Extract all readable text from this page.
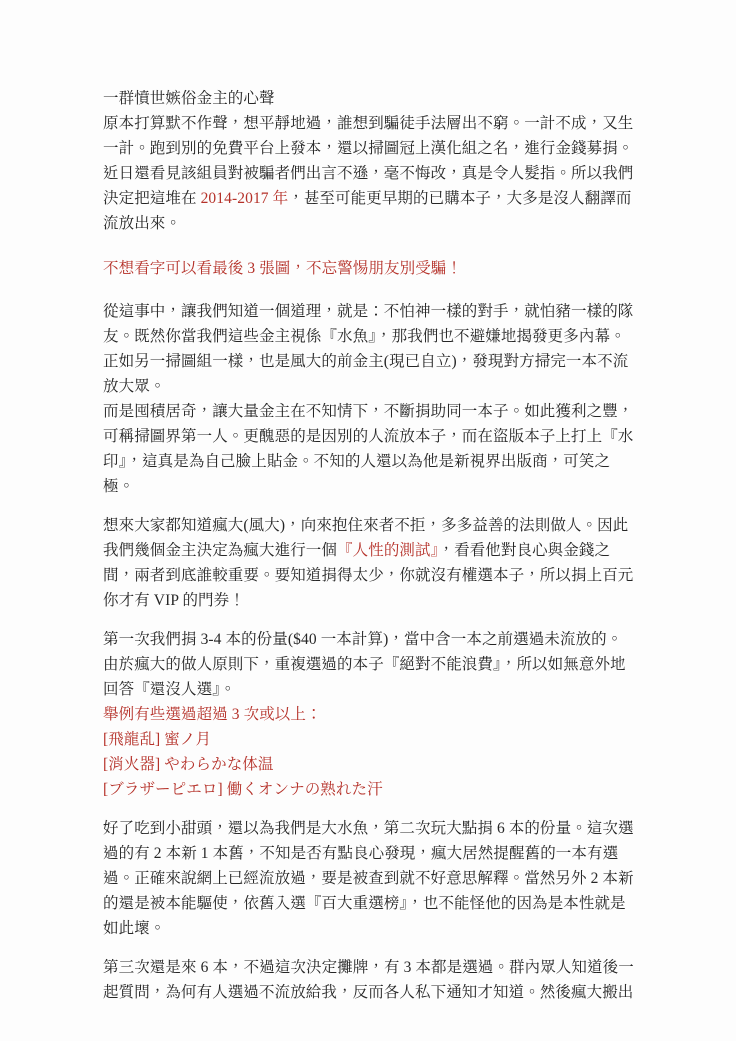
一群憤世嫉俗金主的心聲

原本打算默不作聲，想平靜地過，誰想到騙徒手法層出不窮。一計不成，又生一計。跑到別的免費平台上發本，還以掃圖冠上漢化組之名，進行金錢募捐。近日還看見該組員對被騙者們出言不遜，毫不悔改，真是令人髮指。所以我們決定把這堆在 2014-2017 年，甚至可能更早期的已購本子，大多是沒人翻譯而流放出來。

不想看字可以看最後 3 張圖，不忘警惕朋友別受騙！

從這事中，讓我們知道一個道理，就是：不怕神一樣的對手，就怕豬一樣的隊友。既然你當我們這些金主視係『水魚』，那我們也不避嫌地揭發更多內幕。正如另一掃圖組一樣，也是風大的前金主(現已自立)，發現對方掃完一本不流放大眾。

而是囤積居奇，讓大量金主在不知情下，不斷捐助同一本子。如此獲利之豐，可稱掃圖界第一人。更醜惡的是因別的人流放本子，而在盜版本子上打上『水印』，這真是為自己臉上貼金。不知的人還以為他是新視界出版商，可笑之極。

想來大家都知道瘋大(風大)，向來抱住來者不拒，多多益善的法則做人。因此我們幾個金主決定為瘋大進行一個『人性的測試』，看看他對良心與金錢之間，兩者到底誰較重要。要知道捐得太少，你就沒有權選本子，所以捐上百元你才有 VIP 的門券！

第一次我們捐 3-4 本的份量($40 一本計算)，當中含一本之前選過未流放的。由於瘋大的做人原則下，重複選過的本子『絕對不能浪費』，所以如無意外地回答『還沒人選』。

舉例有些選過超過 3 次或以上：

[飛龍乱] 蜜ノ月

[消火器] やわらかな体温

[ブラザーピエロ] 働くオンナの熟れた汗

好了吃到小甜頭，還以為我們是大水魚，第二次玩大點捐 6 本的份量。這次選過的有 2 本新 1 本舊，不知是否有點良心發現，瘋大居然提醒舊的一本有選過。正確來說網上已經流放過，要是被查到就不好意思解釋。當然另外 2 本新的還是被本能驅使，依舊入選『百大重選榜』，也不能怪他的因為是本性就是如此壞。

第三次還是來 6 本，不過這次決定攤牌，有 3 本都是選過。群內眾人知道後一起質問，為何有人選過不流放給我，反而各人私下通知才知道。然後瘋大搬出
